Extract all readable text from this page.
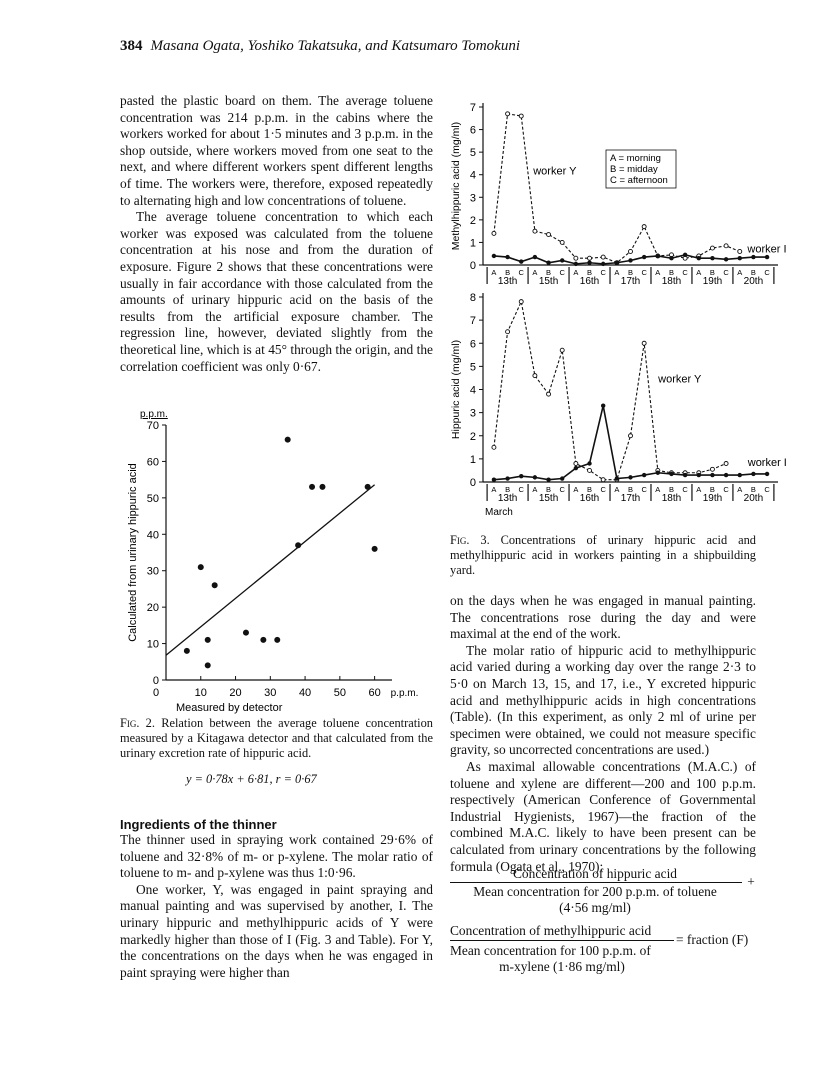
384 Masana Ogata, Yoshiko Takatsuka, and Katsumaro Tomokuni

pasted the plastic board on them. The average toluene concentration was 214 p.p.m. in the cabins where the workers worked for about 1·5 minutes and 3 p.p.m. in the shop outside, where workers moved from one seat to the next, and where different workers spent different lengths of time. The workers were, therefore, exposed repeatedly to alternating high and low concentrations of toluene.

The average toluene concentration to which each worker was exposed was calculated from the toluene concentration at his nose and from the duration of exposure. Figure 2 shows that these concentrations were usually in fair accordance with those calculated from the amounts of urinary hippuric acid on the basis of the results from the artificial exposure chamber. The regression line, however, deviated slightly from the theoretical line, which is at 45° through the origin, and the correlation coefficient was only 0·67.

0
10
20
30
40
50
60
70
10 20 30 40 50 60
0	p.p.m.
p.p.m.
Measured by detector
Calculated from urinary hippuric acid
Fig. 2. Relation between the average toluene concentration measured by a Kitagawa detector and that calculated from the urinary excretion rate of hippuric acid.
y = 0·78x + 6·81, r = 0·67
Ingredients of the thinner

The thinner used in spraying work contained 29·6% of toluene and 32·8% of m- or p-xylene. The molar ratio of toluene to m- and p-xylene was thus 1:0·96.

One worker, Y, was engaged in paint spraying and manual painting and was supervised by another, I. The urinary hippuric and methylhippuric acids of Y were markedly higher than those of I (Fig. 3 and Table). For Y, the concentrations on the days when he was engaged in paint spraying were higher than

0
1
2
3
4
5
6
7
Methylhippuric acid (mg/ml)
A B C A B C A B C A B C A B C A B C A B C
13th 15th 16th 17th 18th 19th 20th
0
1
2
3
4
5
6
7
8
Hippuric acid (mg/ml)
A B C A B C A B C A B C A B C A B C A B C
13th 15th 16th 17th 18th 19th 20th
worker Y
worker I
worker Y
worker I
A = morning
B = midday
C = afternoon
March
Fig. 3. Concentrations of urinary hippuric acid and methylhippuric acid in workers painting in a shipbuilding yard.

on the days when he was engaged in manual painting. The concentrations rose during the day and were maximal at the end of the work.

The molar ratio of hippuric acid to methylhippuric acid varied during a working day over the range 2·3 to 5·0 on March 13, 15, and 17, i.e., Y excreted hippuric acid and methylhippuric acids in high concentrations (Table). (In this experiment, as only 2 ml of urine per specimen were obtained, we could not measure specific gravity, so uncorrected concentrations are used.)

As maximal allowable concentrations (M.A.C.) of toluene and xylene are different—200 and 100 p.p.m. respectively (American Conference of Governmental Industrial Hygienists, 1967)—the fraction of the combined M.A.C. likely to have been present can be calculated from urinary concentrations by the following formula (Ogata et al., 1970):

Concentration of hippuric acid
Mean concentration for 200 p.p.m. of toluene
(4·56 mg/ml)
+
Concentration of methylhippuric acid
Mean concentration for 100 p.p.m. of
m-xylene (1·86 mg/ml)
= fraction (F)
